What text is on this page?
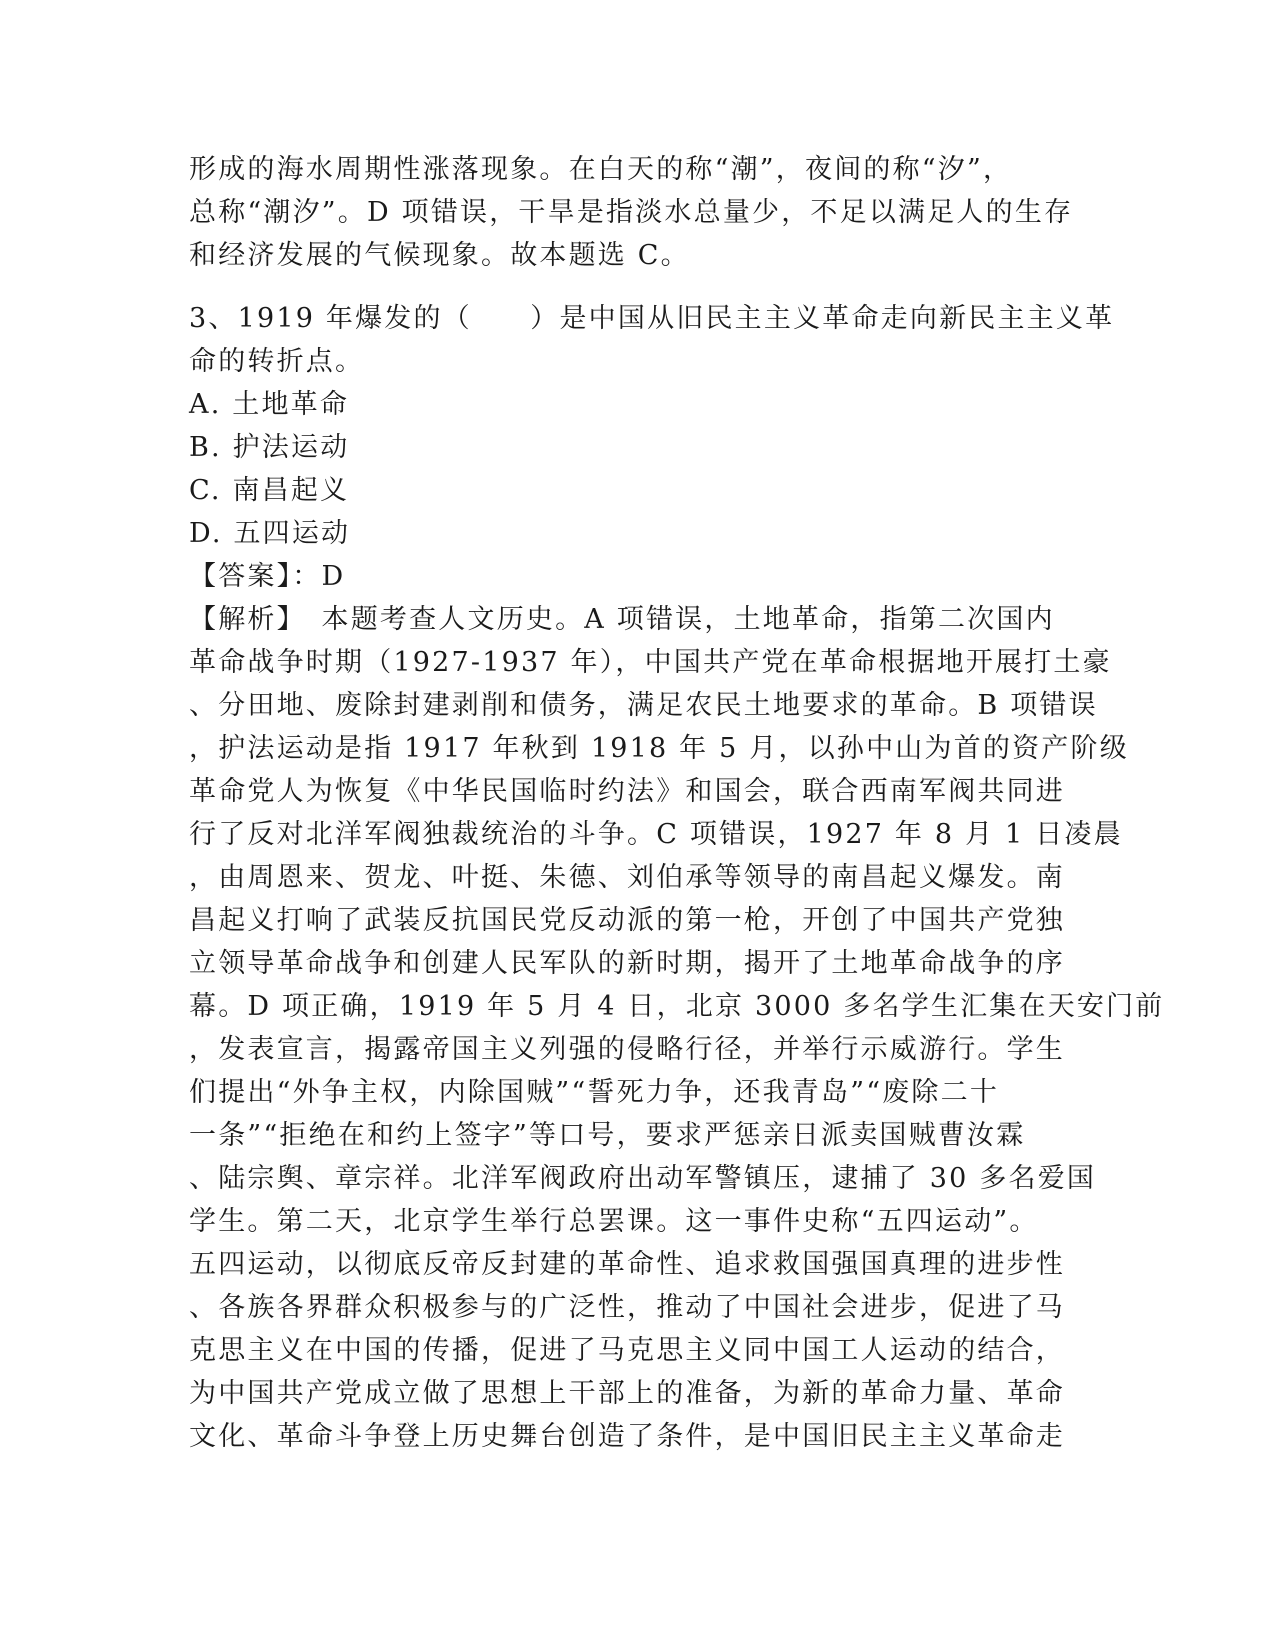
形成的海水周期性涨落现象。在白天的称“潮”，夜间的称“汐”，
总称“潮汐”。D 项错误，干旱是指淡水总量少，不足以满足人的生存
和经济发展的气候现象。故本题选 C。
3、1919 年爆发的（　　）是中国从旧民主主义革命走向新民主主义革
命的转折点。
A. 土地革命
B. 护法运动
C. 南昌起义
D. 五四运动
【答案】：D
【解析】　本题考查人文历史。A 项错误，土地革命，指第二次国内
革命战争时期（1927-1937 年），中国共产党在革命根据地开展打土豪
、分田地、废除封建剥削和债务，满足农民土地要求的革命。B 项错误
，护法运动是指 1917 年秋到 1918 年 5 月，以孙中山为首的资产阶级
革命党人为恢复《中华民国临时约法》和国会，联合西南军阀共同进
行了反对北洋军阀独裁统治的斗争。C 项错误，1927 年 8 月 1 日凌晨
，由周恩来、贺龙、叶挺、朱德、刘伯承等领导的南昌起义爆发。南
昌起义打响了武装反抗国民党反动派的第一枪，开创了中国共产党独
立领导革命战争和创建人民军队的新时期，揭开了土地革命战争的序
幕。D 项正确，1919 年 5 月 4 日，北京 3000 多名学生汇集在天安门前
，发表宣言，揭露帝国主义列强的侵略行径，并举行示威游行。学生
们提出“外争主权，内除国贼”“誓死力争，还我青岛”“废除二十
一条”“拒绝在和约上签字”等口号，要求严惩亲日派卖国贼曹汝霖
、陆宗舆、章宗祥。北洋军阀政府出动军警镇压，逮捕了 30 多名爱国
学生。第二天，北京学生举行总罢课。这一事件史称“五四运动”。
五四运动，以彻底反帝反封建的革命性、追求救国强国真理的进步性
、各族各界群众积极参与的广泛性，推动了中国社会进步，促进了马
克思主义在中国的传播，促进了马克思主义同中国工人运动的结合，
为中国共产党成立做了思想上干部上的准备，为新的革命力量、革命
文化、革命斗争登上历史舞台创造了条件，是中国旧民主主义革命走
